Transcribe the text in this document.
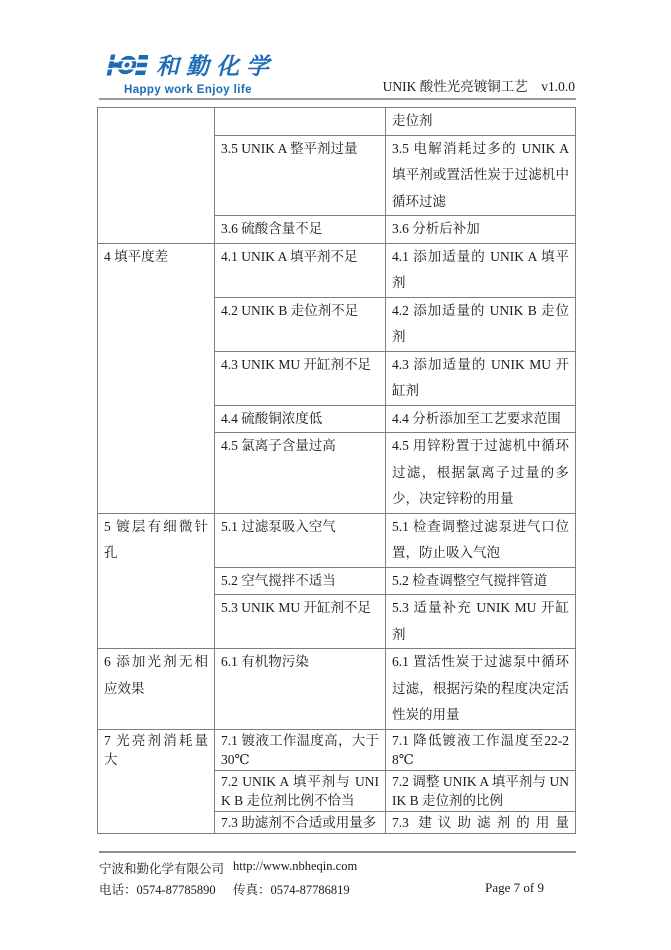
和勤化学
Happy work Enjoy life	UNIK 酸性光亮镀铜工艺　v1.0.0
		走位剂
	3.5 UNIK A 整平剂过量	3.5 电解消耗过多的 UNIK A 填平剂或置活性炭于过滤机中循环过滤
	3.6 硫酸含量不足	3.6 分析后补加
4 填平度差	4.1 UNIK A 填平剂不足	4.1 添加适量的 UNIK A 填平剂
	4.2 UNIK B 走位剂不足	4.2 添加适量的 UNIK B 走位剂
	4.3 UNIK MU 开缸剂不足	4.3 添加适量的 UNIK MU 开缸剂
	4.4 硫酸铜浓度低	4.4 分析添加至工艺要求范围
	4.5 氯离子含量过高	4.5 用锌粉置于过滤机中循环过滤，根据氯离子过量的多少，决定锌粉的用量
5 镀层有细微针孔	5.1 过滤泵吸入空气	5.1 检查调整过滤泵进气口位置，防止吸入气泡
	5.2 空气搅拌不适当	5.2 检查调整空气搅拌管道
	5.3 UNIK MU 开缸剂不足	5.3 适量补充 UNIK MU 开缸剂
6 添加光剂无相应效果	6.1 有机物污染	6.1 置活性炭于过滤泵中循环过滤，根据污染的程度决定活性炭的用量
7 光亮剂消耗量大	7.1 镀液工作温度高，大于30℃	7.1 降低镀液工作温度至22-28℃
	7.2 UNIK A 填平剂与 UNIK B 走位剂比例不恰当	7.2 调整 UNIK A 填平剂与 UNIK B 走位剂的比例
	7.3 助滤剂不合适或用量多	7.3 建议助滤剂的用量
宁波和勤化学有限公司 http://www.nbheqin.com
电话：0574-87785890 传真：0574-87786819	Page 7 of 9
